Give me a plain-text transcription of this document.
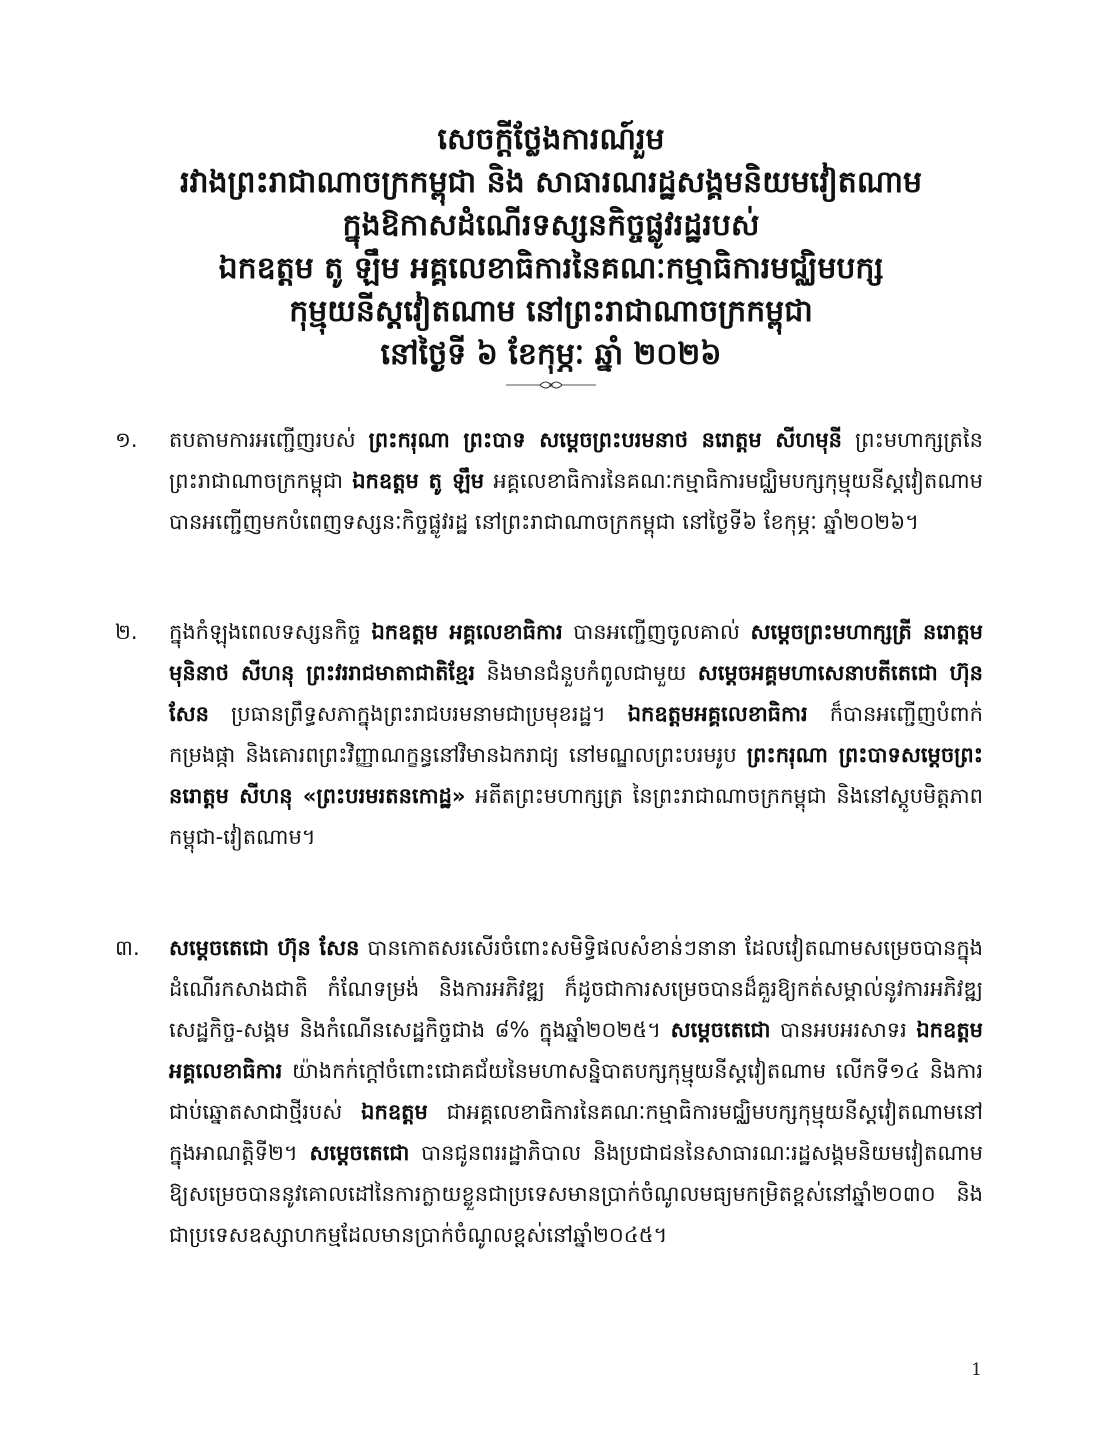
សេចក្តីថ្លែងការណ៍រួម
រវាងព្រះរាជាណាចក្រកម្ពុជា និង សាធារណរដ្ឋសង្គមនិយមវៀតណាម
ក្នុងឱកាសដំណើរទស្សនកិច្ចផ្លូវរដ្ឋរបស់
ឯកឧត្តម តូ ឡឹម អគ្គលេខាធិការនៃគណៈកម្មាធិការមជ្ឈិមបក្ស
កុម្មុយនីស្តវៀតណាម នៅព្រះរាជាណាចក្រកម្ពុជា
នៅថ្ងៃទី ៦ ខែកុម្ភៈ ឆ្នាំ ២០២៦
១. តបតាមការអញ្ជើញរបស់ ព្រះករុណា ព្រះបាទ សម្តេចព្រះបរមនាថ នរោត្តម សីហមុនី ព្រះមហាក្សត្រនៃព្រះរាជាណាចក្រកម្ពុជា ឯកឧត្តម តូ ឡឹម អគ្គលេខាធិការនៃគណៈកម្មាធិការមជ្ឈិមបក្សកុម្មុយនីស្តវៀតណាម បានអញ្ជើញមកបំពេញទស្សនៈកិច្ចផ្លូវរដ្ឋ នៅព្រះរាជាណាចក្រកម្ពុជា នៅថ្ងៃទី៦ ខែកុម្ភៈ ឆ្នាំ២០២៦។
២. ក្នុងកំឡុងពេលទស្សនកិច្ច ឯកឧត្តម អគ្គលេខាធិការ បានអញ្ជើញចូលគាល់ សម្តេចព្រះមហាក្សត្រី នរោត្តម មុនិនាថ សីហនុ ព្រះវររាជមាតាជាតិខ្មែរ និងមានជំនួបកំពូលជាមួយ សម្តេចអគ្គមហាសេនាបតីតេជោ ហ៊ុន សែន ប្រធានព្រឹទ្ធសភាក្នុងព្រះរាជបរមនាមជាប្រមុខរដ្ឋ។ ឯកឧត្តមអគ្គលេខាធិការ ក៏បានអញ្ជើញបំពាក់កម្រងផ្កា និងគោរពព្រះវិញ្ញាណក្ខន្ធនៅវិមានឯករាជ្យ នៅមណ្ឌលព្រះបរមរូប ព្រះករុណា ព្រះបាទសម្តេចព្រះនរោត្តម សីហនុ «ព្រះបរមរតនកោដ្ឋ» អតីតព្រះមហាក្សត្រ នៃព្រះរាជាណាចក្រកម្ពុជា និងនៅស្តូបមិត្តភាពកម្ពុជា-វៀតណាម។
៣. សម្តេចតេជោ ហ៊ុន សែន បានកោតសរសើរចំពោះសមិទ្ធិផលសំខាន់ៗនានា ដែលវៀតណាមសម្រេចបានក្នុងដំណើរកសាងជាតិ កំណែទម្រង់ និងការអភិវឌ្ឍ ក៏ដូចជាការសម្រេចបានដ៏គួរឱ្យកត់សម្គាល់នូវការអភិវឌ្ឍសេដ្ឋកិច្ច-សង្គម និងកំណើនសេដ្ឋកិច្ចជាង ៨% ក្នុងឆ្នាំ២០២៥។ សម្តេចតេជោ បានអបអរសាទរ ឯកឧត្តមអគ្គលេខាធិការ យ៉ាងកក់ក្តៅចំពោះជោគជ័យនៃមហាសន្និបាតបក្សកុម្មុយនីស្តវៀតណាម លើកទី១៤ និងការជាប់ឆ្នោតសាជាថ្មីរបស់ ឯកឧត្តម ជាអគ្គលេខាធិការនៃគណៈកម្មាធិការមជ្ឈិមបក្សកុម្មុយនីស្តវៀតណាមនៅក្នុងអាណត្តិទី២។ សម្តេចតេជោ បានជូនពររដ្ឋាភិបាល និងប្រជាជននៃសាធារណៈរដ្ឋសង្គមនិយមវៀតណាម ឱ្យសម្រេចបាននូវគោលដៅនៃការក្លាយខ្លួនជាប្រទេសមានប្រាក់ចំណូលមធ្យមកម្រិតខ្ពស់នៅឆ្នាំ២០៣០ និងជាប្រទេសឧស្សាហកម្មដែលមានប្រាក់ចំណូលខ្ពស់នៅឆ្នាំ២០៤៥។
1
